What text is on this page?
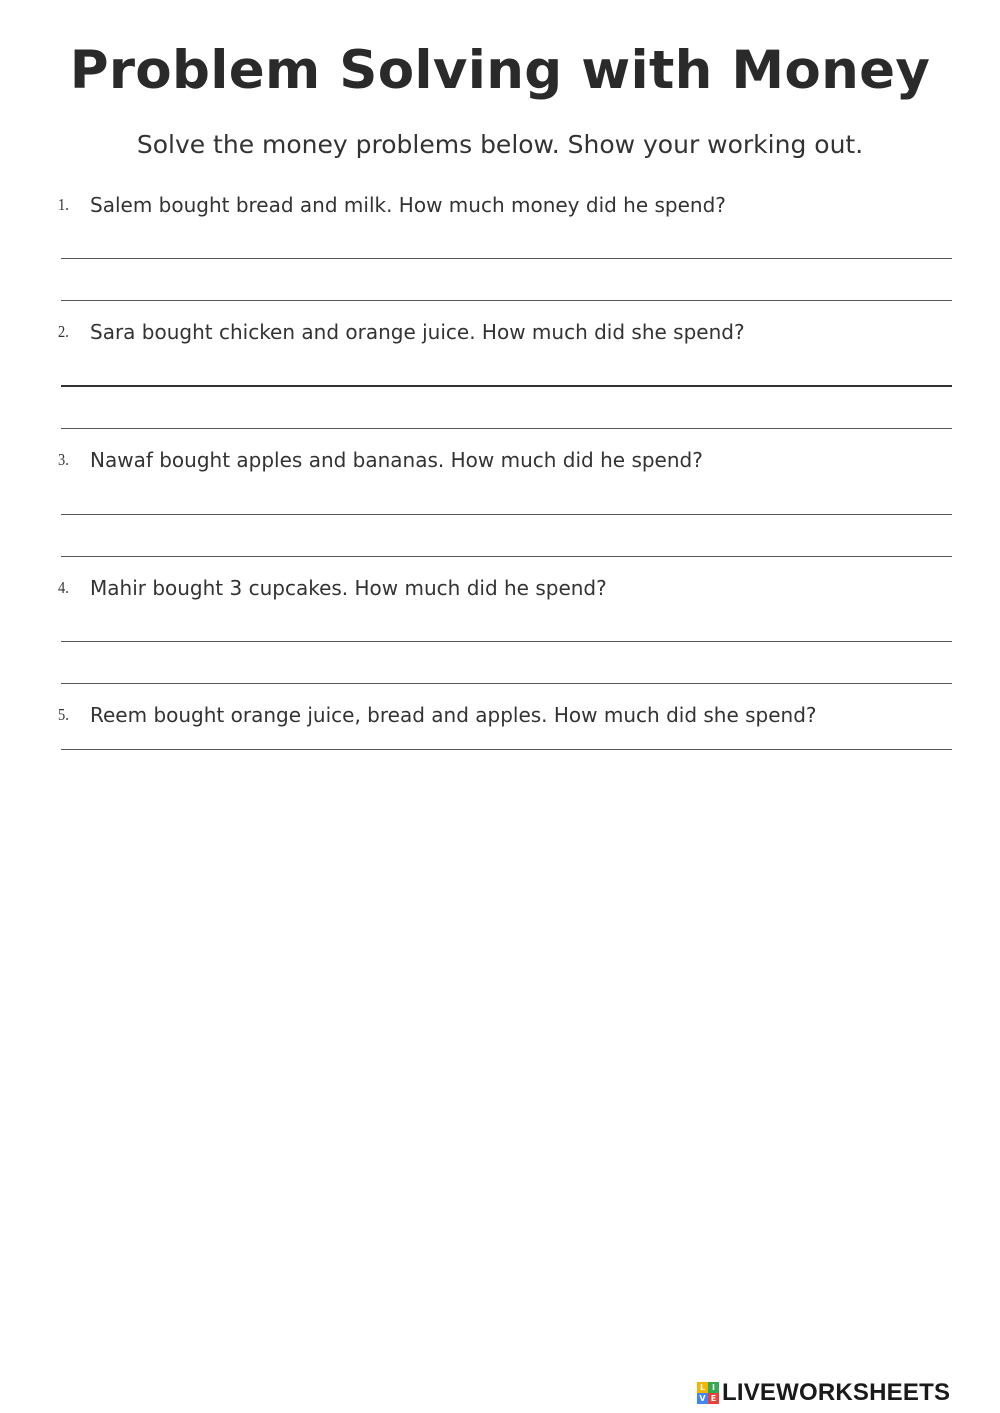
Problem Solving with Money

Solve the money problems below. Show your working out.

1. Salem bought bread and milk. How much money did he spend?
2. Sara bought chicken and orange juice. How much did she spend?
3. Nawaf bought apples and bananas. How much did he spend?
4. Mahir bought 3 cupcakes. How much did he spend?
5. Reem bought orange juice, bread and apples. How much did she spend?
L I
V E LIVEWORKSHEETS
